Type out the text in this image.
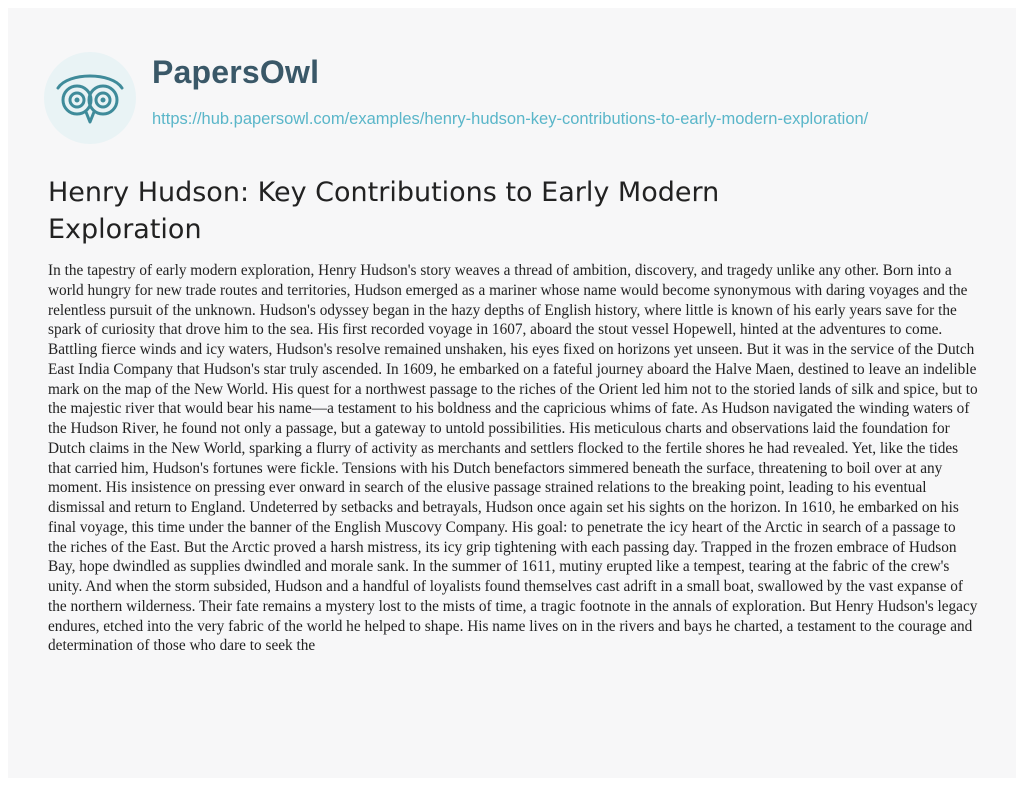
PapersOwl
https://hub.papersowl.com/examples/henry-hudson-key-contributions-to-early-modern-exploration/
Henry Hudson: Key Contributions to Early Modern Exploration

In the tapestry of early modern exploration, Henry Hudson's story weaves a thread of ambition, discovery, and tragedy unlike any other. Born into a world hungry for new trade routes and territories, Hudson emerged as a mariner whose name would become synonymous with daring voyages and the relentless pursuit of the unknown. Hudson's odyssey began in the hazy depths of English history, where little is known of his early years save for the spark of curiosity that drove him to the sea. His first recorded voyage in 1607, aboard the stout vessel Hopewell, hinted at the adventures to come. Battling fierce winds and icy waters, Hudson's resolve remained unshaken, his eyes fixed on horizons yet unseen. But it was in the service of the Dutch East India Company that Hudson's star truly ascended. In 1609, he embarked on a fateful journey aboard the Halve Maen, destined to leave an indelible mark on the map of the New World. His quest for a northwest passage to the riches of the Orient led him not to the storied lands of silk and spice, but to the majestic river that would bear his name—a testament to his boldness and the capricious whims of fate. As Hudson navigated the winding waters of the Hudson River, he found not only a passage, but a gateway to untold possibilities. His meticulous charts and observations laid the foundation for Dutch claims in the New World, sparking a flurry of activity as merchants and settlers flocked to the fertile shores he had revealed. Yet, like the tides that carried him, Hudson's fortunes were fickle. Tensions with his Dutch benefactors simmered beneath the surface, threatening to boil over at any moment. His insistence on pressing ever onward in search of the elusive passage strained relations to the breaking point, leading to his eventual dismissal and return to England. Undeterred by setbacks and betrayals, Hudson once again set his sights on the horizon. In 1610, he embarked on his final voyage, this time under the banner of the English Muscovy Company. His goal: to penetrate the icy heart of the Arctic in search of a passage to the riches of the East. But the Arctic proved a harsh mistress, its icy grip tightening with each passing day. Trapped in the frozen embrace of Hudson Bay, hope dwindled as supplies dwindled and morale sank. In the summer of 1611, mutiny erupted like a tempest, tearing at the fabric of the crew's unity. And when the storm subsided, Hudson and a handful of loyalists found themselves cast adrift in a small boat, swallowed by the vast expanse of the northern wilderness. Their fate remains a mystery lost to the mists of time, a tragic footnote in the annals of exploration. But Henry Hudson's legacy endures, etched into the very fabric of the world he helped to shape. His name lives on in the rivers and bays he charted, a testament to the courage and determination of those who dare to seek the
